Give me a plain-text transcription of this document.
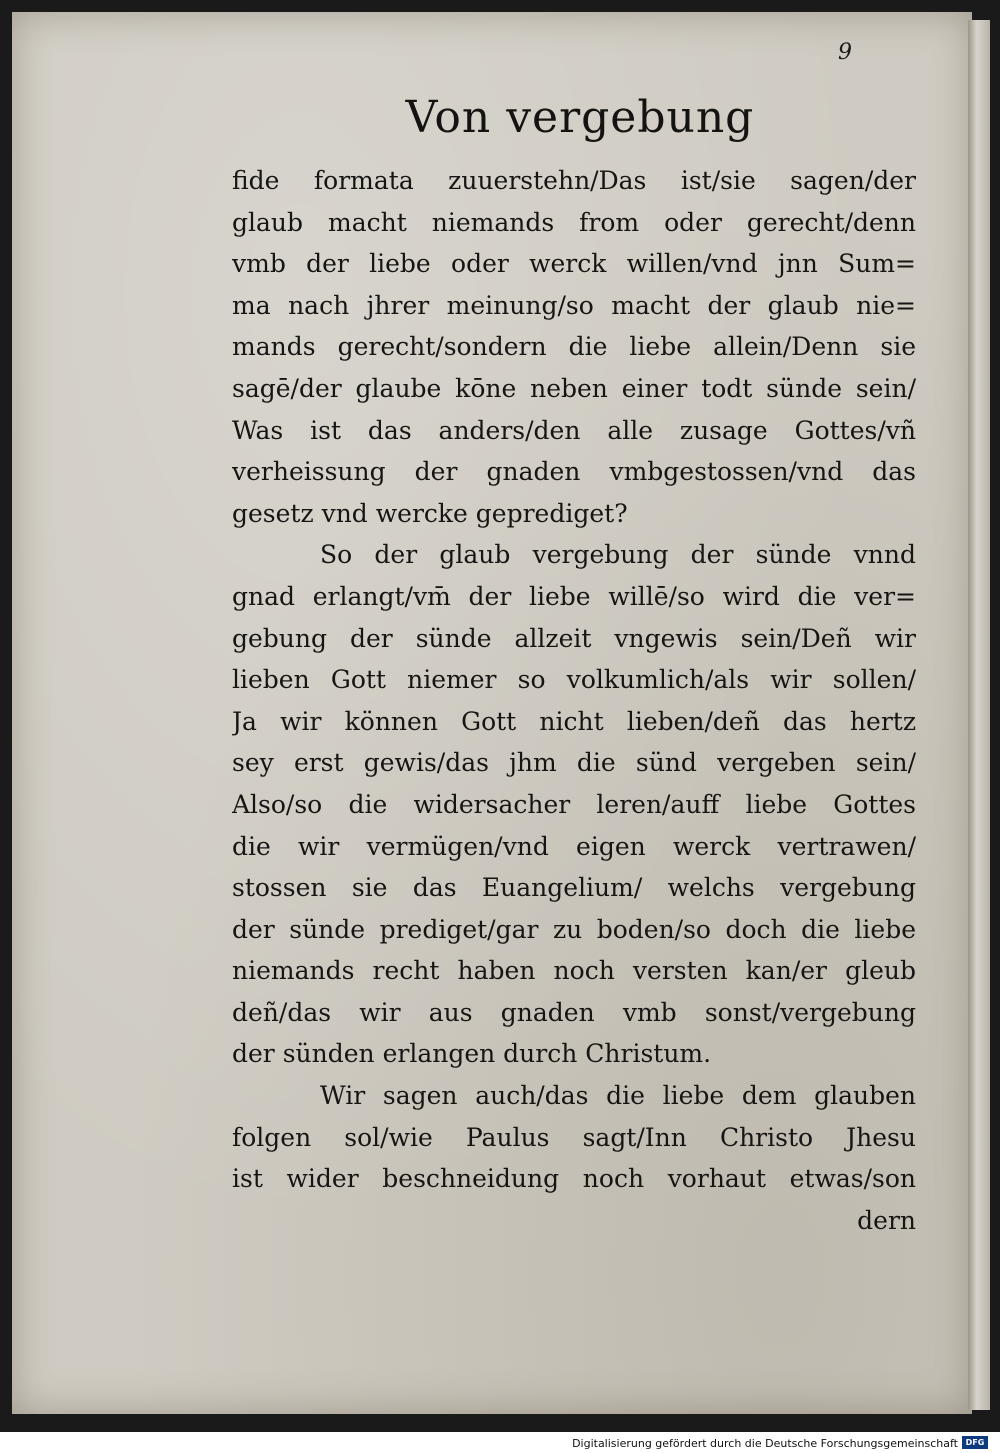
9
Von vergebung
fide formata zuuerstehn/Das ist/sie sagen/der
glaub macht niemands from oder gerecht/denn
vmb der liebe oder werck willen/vnd jnn Sum=
ma nach jhrer meinung/so macht der glaub nie=
mands gerecht/sondern die liebe allein/Denn sie
sagē/der glaube kōne neben einer todt sünde sein/
Was ist das anders/den alle zusage Gottes/vñ
verheissung der gnaden vmbgestossen/vnd das
gesetz vnd wercke geprediget?
So der glaub vergebung der sünde vnnd
gnad erlangt/vm̄ der liebe willē/so wird die ver=
gebung der sünde allzeit vngewis sein/Deñ wir
lieben Gott niemer so volkumlich/als wir sollen/
Ja wir können Gott nicht lieben/deñ das hertz
sey erst gewis/das jhm die sünd vergeben sein/
Also/so die widersacher leren/auff liebe Gottes
die wir vermügen/vnd eigen werck vertrawen/
stossen sie das Euangelium/ welchs vergebung
der sünde prediget/gar zu boden/so doch die liebe
niemands recht haben noch versten kan/er gleub
deñ/das wir aus gnaden vmb sonst/vergebung
der sünden erlangen durch Christum.
Wir sagen auch/das die liebe dem glauben
folgen sol/wie Paulus sagt/Inn Christo Jhesu
ist wider beschneidung noch vorhaut etwas/son
dern
Digitalisierung gefördert durch die Deutsche Forschungsgemeinschaft DFG
